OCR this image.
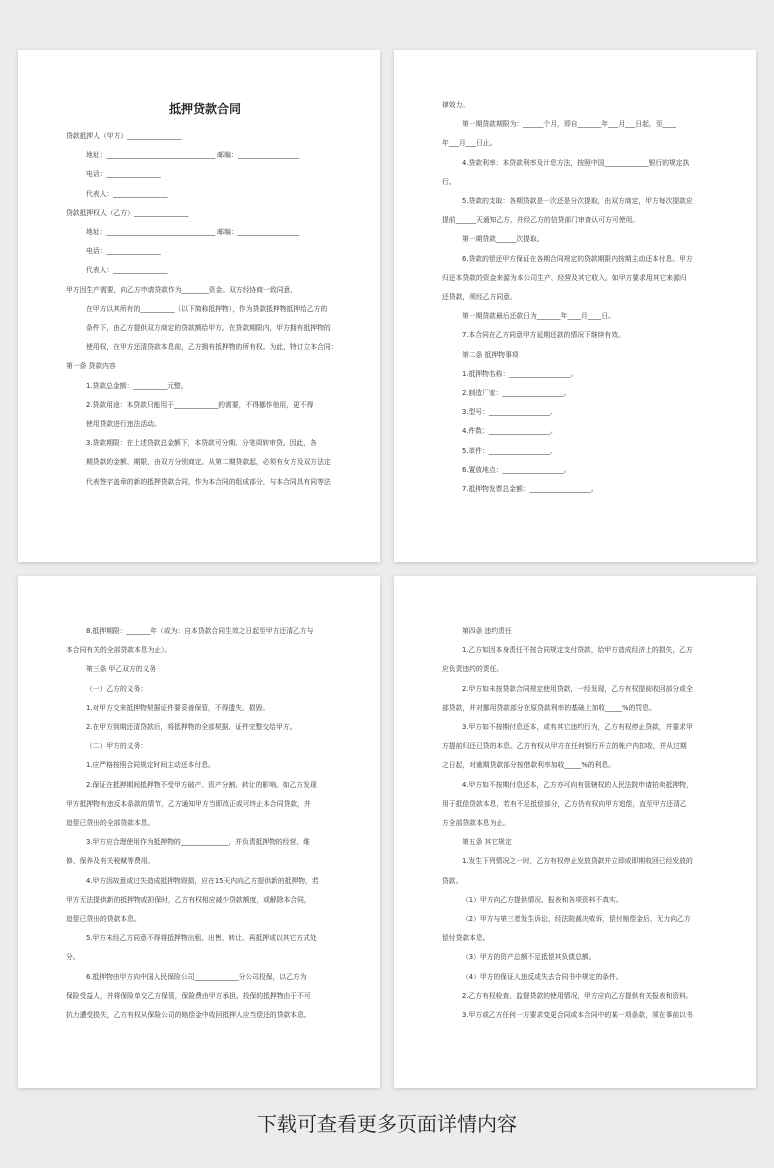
抵押贷款合同
贷款抵押人（甲方）________________
地址：________________________________ 邮编：__________________
电话：________________
代表人：________________
贷款抵押权人（乙方）________________
地址：________________________________ 邮编：__________________
电话：________________
代表人：________________
甲方因生产需要，向乙方申请贷款作为________资金。双方经协商一致同意，
在甲方以其所有的__________（以下简称抵押物），作为贷款抵押物抵押给乙方的
条件下，由乙方提供双方商定的贷款额给甲方。在贷款期限内，甲方拥有抵押物的
使用权，在甲方还清贷款本息前，乙方拥有抵押物的所有权。为此，特订立本合同：
第一条 贷款内容
1.贷款总金额：__________元整。
2.贷款用途：本贷款只能用于_____________的需要，不得挪作他用，更不得
使用贷款进行违法活动。
3.贷款期限：在上述贷款总金额下，本贷款可分期、分笔周转审贷。因此，各
期贷款的金额、期限，由双方分别商定。从第二期贷款起，必须有女方及双方法定
代表签字盖章的新的抵押贷款合同，作为本合同的组成部分，与本合同具有同等法
律效力。
第一期贷款期限为：______个月，即自_______年___月___日起，至____
年___月___日止。
4.贷款利率：本贷款利率及计息方法，按照中国_____________银行的规定执
行。
5.贷款的支取：各期贷款是一次还是分次提取，由双方商定，甲方每次提款应
提前______天通知乙方，并经乙方的信贷部门审查认可方可使用。
第一期贷款______次提取。
6.贷款的偿还甲方保证在各期合同规定的贷款期限内按期主动还本付息。甲方
归还本贷款的资金来源为本公司生产、经营及其它收入。如甲方要求用其它来源归
还贷款，须经乙方同意。
第一期贷款最后还款日为_______年____月____日。
7.本合同在乙方同意甲方延期还款的情况下继续有效。
第二条 抵押物事项
1.抵押物名称：__________________。
2.制造厂家：__________________。
3.型号：__________________。
4.件数：__________________。
5.单件：__________________。
6.置放地点：__________________。
7.抵押物发票总金额：__________________。
8.抵押期限：_______年（或为：自本贷款合同生效之日起至甲方还清乙方与
本合同有关的全部贷款本息为止）。
第三条 甲乙双方的义务
（一）乙方的义务：
1.对甲方交来抵押物契据证件要妥善保管，不得遗失、损毁。
2.在甲方到期还清贷款后，将抵押物的全部契据、证件完整交给甲方。
（二）甲方的义务：
1.应严格按照合同规定时间主动还本付息。
2.保证在抵押期间抵押物不受甲方破产、资产分割、转让的影响。如乙方发现
甲方抵押物有违反本条款的情节，乙方通知甲方当即改正或可终止本合同贷款，并
追偿已贷出的全部贷款本息。
3.甲方应合理使用作为抵押物的______________，并负责抵押物的经营、维
修、保养及有关税赋等费用。
4.甲方因故意或过失造成抵押物毁损，应在15天内向乙方提供新的抵押物，若
甲方无法提供新的抵押物或担保时，乙方有权相应减少贷款额度，或解除本合同，
追偿已贷出的贷款本息。
5.甲方未经乙方同意不得将抵押物出租、出售、转让、再抵押或以其它方式处
分。
6.抵押物由甲方向中国人民保险公司_____________分公司投保，以乙方为
保险受益人，并将保险单交乙方保管，保险费由甲方承担。投保的抵押物由于不可
抗力遭受损失，乙方有权从保险公司的赔偿金中收回抵押人应当偿还的贷款本息。
第四条 违约责任
1.乙方如因本身责任不按合同规定支付贷款，给甲方造成经济上的损失，乙方
应负责违约的责任。
2.甲方如未按贷款合同规定使用贷款，一经发现，乙方有权提前收回部分或全
部贷款，并对挪用贷款部分在原贷款利率的基础上加收_____%的罚息。
3.甲方如不按期付息还本，或有其它违约行为，乙方有权停止贷款，并要求甲
方提前归还已贷的本息。乙方有权从甲方在任何银行开立的帐户内扣收，并从过期
之日起，对逾期贷款部分按借款利率加收_____%的利息。
4.甲方如不按期付息还本，乙方亦可向有管辖权的人民法院申请拍卖抵押物，
用于抵偿贷款本息，若有不足抵偿部分，乙方仍有权向甲方追偿，直至甲方还清乙
方全部贷款本息为止。
第五条 其它规定
1.发生下列情况之一时，乙方有权停止发放贷款并立即或即期收回已经发放的
贷款。
（1）甲方向乙方提供情况、报表和各项资料不真实。
（2）甲方与第三者发生诉讼，经法院裁决败诉，偿付赔偿金后，无力向乙方
偿付贷款本息。
（3）甲方的资产总额不足抵偿其负债总额。
（4）甲方的保证人违反或失去合同书中规定的条件。
2.乙方有权检查、监督贷款的使用情况，甲方应向乙方提供有关报表和资料。
3.甲方或乙方任何一方要求变更合同或本合同中的某一项条款，须在事前以书
下载可查看更多页面详情内容
